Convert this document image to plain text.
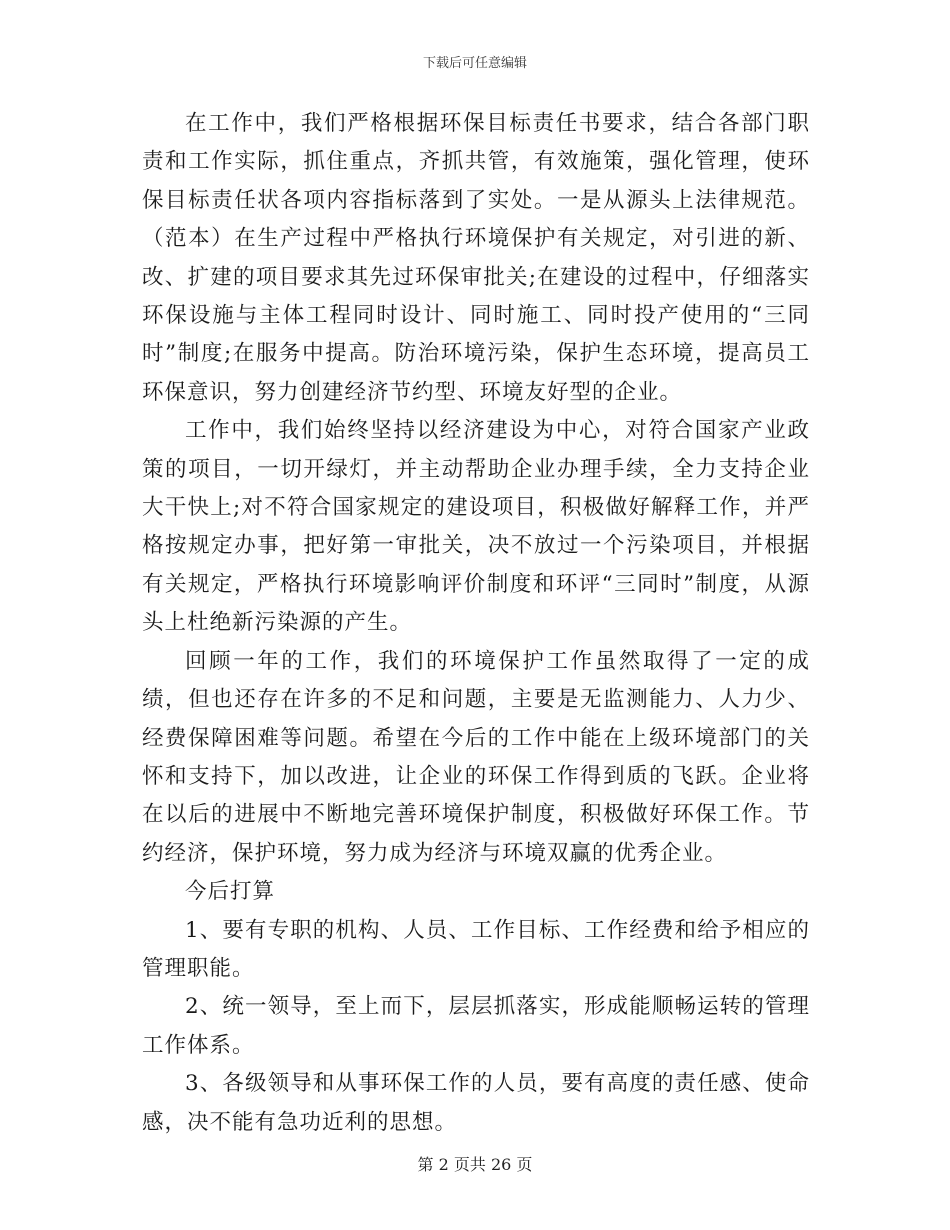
下载后可任意编辑

在工作中，我们严格根据环保目标责任书要求，结合各部门职责和工作实际，抓住重点，齐抓共管，有效施策，强化管理，使环保目标责任状各项内容指标落到了实处。一是从源头上法律规范。（范本）在生产过程中严格执行环境保护有关规定，对引进的新、改、扩建的项目要求其先过环保审批关;在建设的过程中，仔细落实环保设施与主体工程同时设计、同时施工、同时投产使用的“三同时”制度;在服务中提高。防治环境污染，保护生态环境，提高员工环保意识，努力创建经济节约型、环境友好型的企业。

工作中，我们始终坚持以经济建设为中心，对符合国家产业政策的项目，一切开绿灯，并主动帮助企业办理手续，全力支持企业大干快上;对不符合国家规定的建设项目，积极做好解释工作，并严格按规定办事，把好第一审批关，决不放过一个污染项目，并根据有关规定，严格执行环境影响评价制度和环评“三同时”制度，从源头上杜绝新污染源的产生。

回顾一年的工作，我们的环境保护工作虽然取得了一定的成绩，但也还存在许多的不足和问题，主要是无监测能力、人力少、经费保障困难等问题。希望在今后的工作中能在上级环境部门的关怀和支持下，加以改进，让企业的环保工作得到质的飞跃。企业将在以后的进展中不断地完善环境保护制度，积极做好环保工作。节约经济，保护环境，努力成为经济与环境双赢的优秀企业。

今后打算

1、要有专职的机构、人员、工作目标、工作经费和给予相应的管理职能。

2、统一领导，至上而下，层层抓落实，形成能顺畅运转的管理工作体系。

3、各级领导和从事环保工作的人员，要有高度的责任感、使命感，决不能有急功近利的思想。

第 2 页共 26 页
